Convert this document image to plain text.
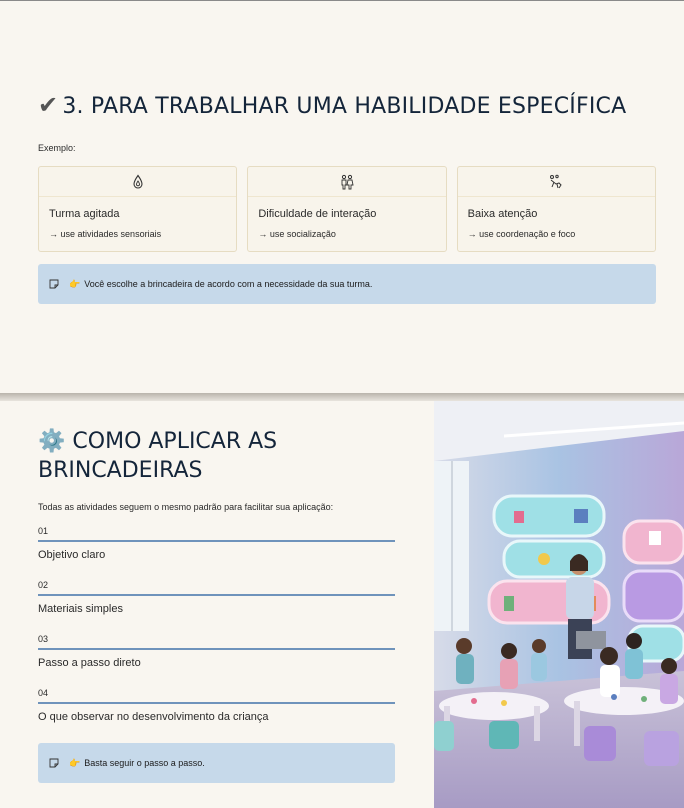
✔ 3. PARA TRABALHAR UMA HABILIDADE ESPECÍFICA
Exemplo:
Turma agitada
→ use atividades sensoriais
Dificuldade de interação
→ use socialização
Baixa atenção
→ use coordenação e foco
👉 Você escolhe a brincadeira de acordo com a necessidade da sua turma.
⚙️ COMO APLICAR AS
BRINCADEIRAS
Todas as atividades seguem o mesmo padrão para facilitar sua aplicação:
01
Objetivo claro
02
Materiais simples
03
Passo a passo direto
04
O que observar no desenvolvimento da criança
👉 Basta seguir o passo a passo.
